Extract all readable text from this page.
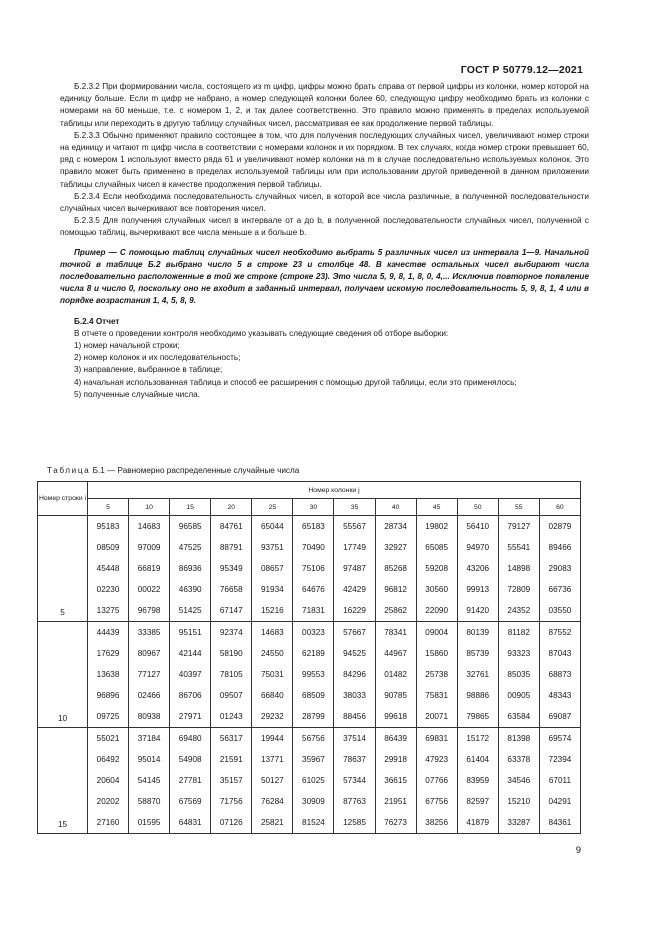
ГОСТ Р 50779.12—2021

Б.2.3.2 При формировании числа, состоящего из m цифр, цифры можно брать справа от первой цифры из колонки, номер которой на единицу больше. Если m цифр не набрано, а номер следующей колонки более 60, следующую цифру необходимо брать из колонки с номерами на 60 меньше, т.е. с номером 1, 2, и так далее соответственно. Это правило можно применять в пределах используемой таблицы или переходить в другую таблицу случайных чисел, рассматривая ее как продолжение первой таблицы.

Б.2.3.3 Обычно применяют правило состоящее в том, что для получения последующих случайных чисел, увеличивают номер строки на единицу и читают m цифр числа в соответствии с номерами колонок и их порядком. В тех случаях, когда номер строки превышает 60, ряд с номером 1 используют вместо ряда 61 и увеличивают номер колонки на m в случае последовательно используемых колонок. Это правило может быть применено в пределах используемой таблицы или при использовании другой приведенной в данном приложении таблицы случайных чисел в качестве продолжения первой таблицы.

Б.2.3.4 Если необходима последовательность случайных чисел, в которой все числа различные, в полученной последовательности случайных чисел вычеркивают все повторения чисел.

Б.2.3.5 Для получения случайных чисел в интервале от a до b, в полученной последовательности случайных чисел, полученной с помощью таблиц, вычеркивают все числа меньше a и больше b.

Пример — С помощью таблиц случайных чисел необходимо выбрать 5 различных чисел из интервала 1—9. Начальной точкой в таблице Б.2 выбрано число 5 в строке 23 и столбце 48. В качестве остальных чисел выбирают числа последовательно расположенные в той же строке (строке 23). Это числа 5, 9, 8, 1, 8, 0, 4,... Исключив повторное появление числа 8 и число 0, поскольку оно не входит в заданный интервал, получаем искомую последовательность 5, 9, 8, 1, 4 или в порядке возрастания 1, 4, 5, 8, 9.

Б.2.4 Отчет

В отчете о проведении контроля необходимо указывать следующие сведения об отборе выборки:

1) номер начальной строки;

2) номер колонок и их последовательность;

3) направление, выбранное в таблице;

4) начальная использованная таблица и способ ее расширения с помощью другой таблицы, если это применялось;

5) полученные случайные числа.

Таблица Б.1 — Равномерно распределенные случайные числа
Номер строки i	Номер колонки j											
	5	10	15	20	25	30	35	40	45	50	55	60
5	95183	14683	96585	84761	65044	65183	55567	28734	19802	56410	79127	02879
	08509	97009	47525	88791	93751	70490	17749	32927	65085	94970	55541	89466
	45448	66819	86936	95349	08657	75106	97487	85268	59208	43206	14898	29083
	02230	00022	46390	76658	91934	64676	42429	96812	30560	99913	72809	66736
	13275	96798	51425	67147	15216	71831	16229	25862	22090	91420	24352	03550
10	44439	33385	95151	92374	14683	00323	57667	78341	09004	80139	81182	87552
	17629	80967	42144	58190	24550	62189	94525	44967	15860	85739	93323	87043
	13638	77127	40397	78105	75031	99553	84296	01482	25738	32761	85035	68873
	96896	02466	86706	09507	66840	68509	38033	90785	75831	98886	00905	48343
	09725	80938	27971	01243	29232	28799	88456	99618	20071	79865	63584	69087
15	55021	37184	69480	56317	19944	56756	37514	86439	69831	15172	81398	69574
	06492	95014	54908	21591	13771	35967	78637	29918	47923	61404	63378	72394
	20604	54145	27781	35157	50127	61025	57344	36615	07766	83959	34546	67011
	20202	58870	67569	71756	76284	30909	87763	21951	67756	82597	15210	04291
	27160	01595	64831	07126	25821	81524	12585	76273	38256	41879	33287	84361
9
